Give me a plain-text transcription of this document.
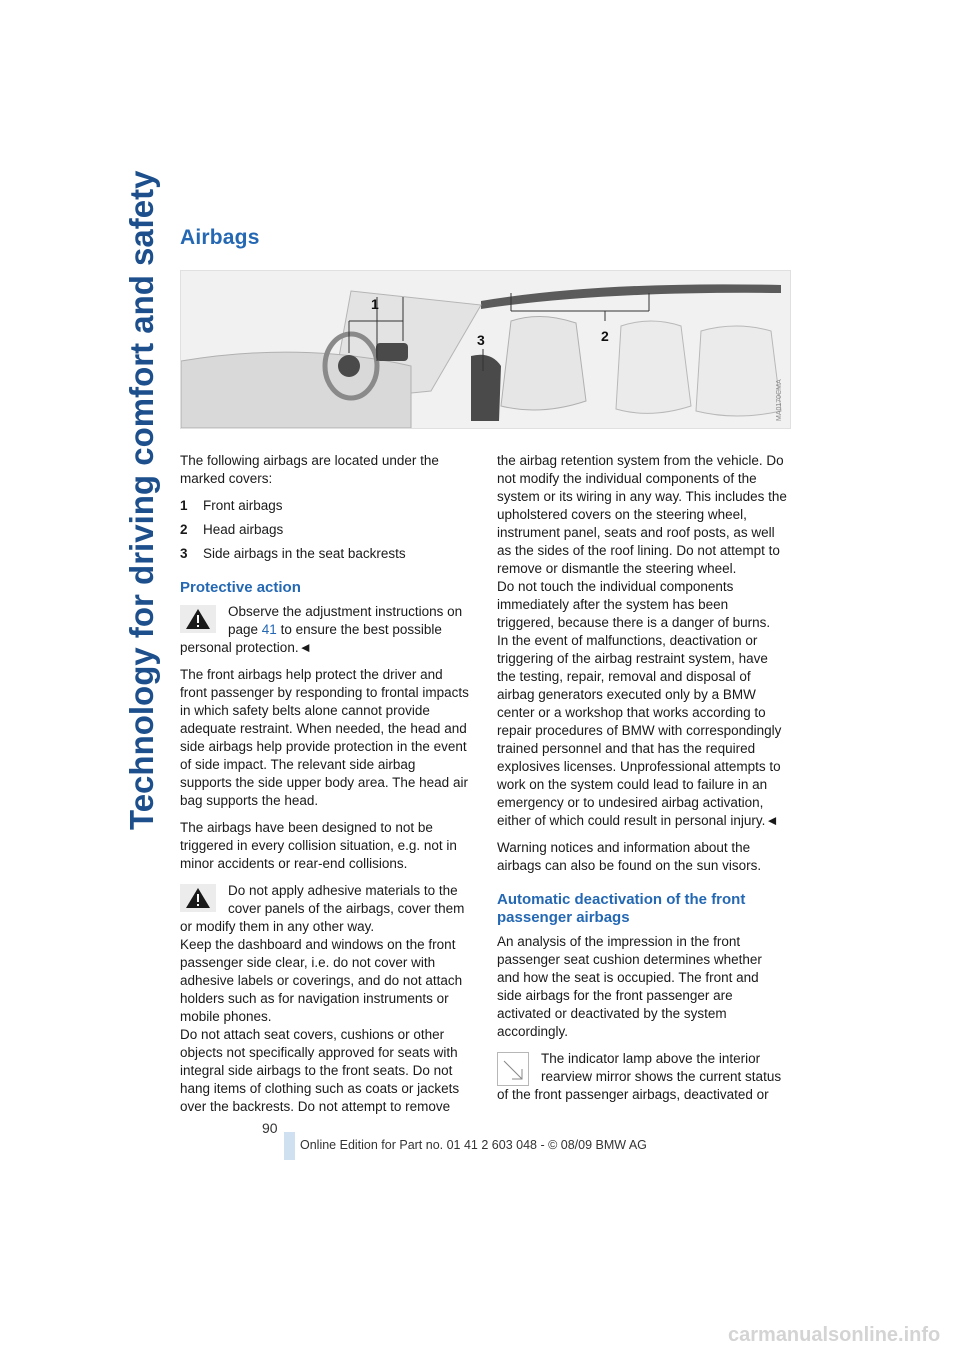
Technology for driving comfort and safety Airbags
1
2
3
MA0170CMA

The following airbags are located under the marked covers:

1	Front airbags
2	Head airbags
3	Side airbags in the seat backrests
Protective action

Observe the adjustment instructions on page 41 to ensure the best possible personal protection.◄

The front airbags help protect the driver and front passenger by responding to frontal impacts in which safety belts alone cannot provide adequate restraint. When needed, the head and side airbags help provide protection in the event of side impact. The relevant side airbag supports the side upper body area. The head air bag supports the head.

The airbags have been designed to not be triggered in every collision situation, e.g. not in minor accidents or rear-end collisions.

Do not apply adhesive materials to the cover panels of the airbags, cover them or modify them in any other way.

Keep the dashboard and windows on the front passenger side clear, i.e. do not cover with adhesive labels or coverings, and do not attach holders such as for navigation instruments or mobile phones.

Do not attach seat covers, cushions or other objects not specifically approved for seats with integral side airbags to the front seats. Do not hang items of clothing such as coats or jackets over the backrests. Do not attempt to remove

the airbag retention system from the vehicle. Do not modify the individual components of the system or its wiring in any way. This includes the upholstered covers on the steering wheel, instrument panel, seats and roof posts, as well as the sides of the roof lining. Do not attempt to remove or dismantle the steering wheel.

Do not touch the individual components immediately after the system has been triggered, because there is a danger of burns.

In the event of malfunctions, deactivation or triggering of the airbag restraint system, have the testing, repair, removal and disposal of airbag generators executed only by a BMW center or a workshop that works according to repair procedures of BMW with correspondingly trained personnel and that has the required explosives licenses. Unprofessional attempts to work on the system could lead to failure in an emergency or to undesired airbag activation, either of which could result in personal injury.◄

Warning notices and information about the airbags can also be found on the sun visors.

Automatic deactivation of the front passenger airbags

An analysis of the impression in the front passenger seat cushion determines whether and how the seat is occupied. The front and side airbags for the front passenger are activated or deactivated by the system accordingly.

The indicator lamp above the interior rearview mirror shows the current status of the front passenger airbags, deactivated or

90
Online Edition for Part no. 01 41 2 603 048 - © 08/09 BMW AG
carmanualsonline.info
